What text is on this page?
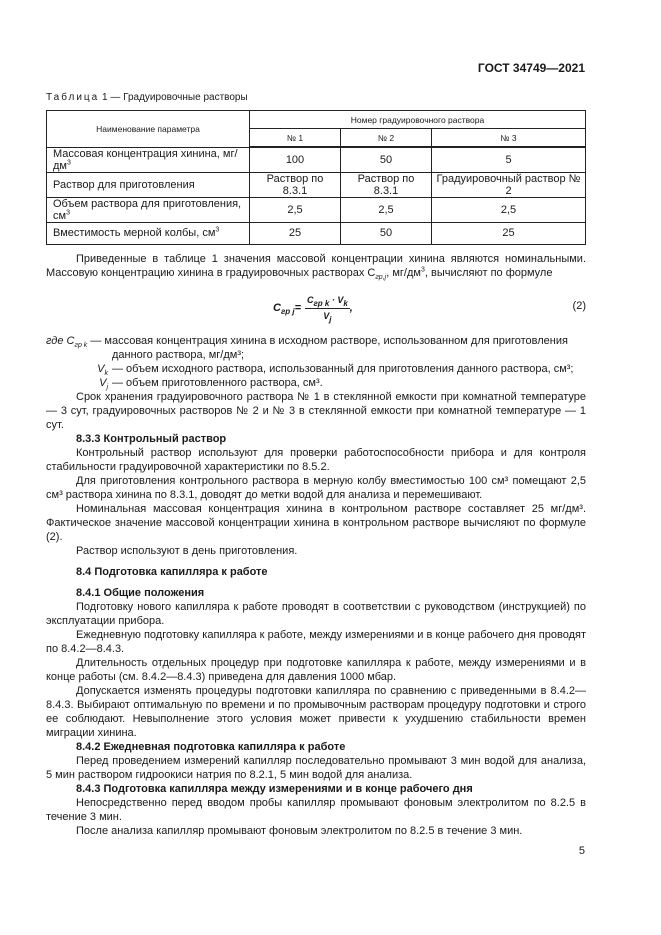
ГОСТ 34749—2021
Таблица 1 — Градуировочные растворы
Наименование параметра	Номер градуировочного раствора		
	№ 1	№ 2	№ 3
Массовая концентрация хинина, $мг/дм^3$	100	50	5
Раствор для приготовления	Раствор по 8.3.1	Раствор по 8.3.1	Градуировочный раствор № 2
Объем раствора для приготовления, $см^3$	2,5	2,5	2,5
Вместимость мерной колбы, $см^3$	25	50	25

Приведенные в таблице 1 значения массовой концентрации хинина являются номинальными. Массовую концентрацию хинина в градуировочных растворах $C_{гр,j}$, $мг/дм^3$, вычисляют по формуле

$C_{гр j} = \frac{C_{гр k} \cdot V_k}{V_j}$ ,	(2)
где $C_{гр k}$ — массовая концентрация хинина в исходном растворе, использованном для приготовления данного раствора, мг/дм³;
$V_k$ — объем исходного раствора, использованный для приготовления данного раствора, см³;
$V_j$ — объем приготовленного раствора, см³.

Срок хранения градуировочного раствора № 1 в стеклянной емкости при комнатной температуре — 3 сут, градуировочных растворов № 2 и № 3 в стеклянной емкости при комнатной температуре — 1 сут.

8.3.3 Контрольный раствор

Контрольный раствор используют для проверки работоспособности прибора и для контроля стабильности градуировочной характеристики по 8.5.2.

Для приготовления контрольного раствора в мерную колбу вместимостью 100 см³ помещают 2,5 см³ раствора хинина по 8.3.1, доводят до метки водой для анализа и перемешивают.

Номинальная массовая концентрация хинина в контрольном растворе составляет 25 мг/дм³. Фактическое значение массовой концентрации хинина в контрольном растворе вычисляют по формуле (2).

Раствор используют в день приготовления.

8.4 Подготовка капилляра к работе
8.4.1 Общие положения

Подготовку нового капилляра к работе проводят в соответствии с руководством (инструкцией) по эксплуатации прибора.

Ежедневную подготовку капилляра к работе, между измерениями и в конце рабочего дня проводят по 8.4.2—8.4.3.

Длительность отдельных процедур при подготовке капилляра к работе, между измерениями и в конце работы (см. 8.4.2—8.4.3) приведена для давления 1000 мбар.

Допускается изменять процедуры подготовки капилляра по сравнению с приведенными в 8.4.2—8.4.3. Выбирают оптимальную по времени и по промывочным растворам процедуру подготовки и строго ее соблюдают. Невыполнение этого условия может привести к ухудшению стабильности времен миграции хинина.

8.4.2 Ежедневная подготовка капилляра к работе

Перед проведением измерений капилляр последовательно промывают 3 мин водой для анализа, 5 мин раствором гидроокиси натрия по 8.2.1, 5 мин водой для анализа.

8.4.3 Подготовка капилляра между измерениями и в конце рабочего дня

Непосредственно перед вводом пробы капилляр промывают фоновым электролитом по 8.2.5 в течение 3 мин.

После анализа капилляр промывают фоновым электролитом по 8.2.5 в течение 3 мин.

5
